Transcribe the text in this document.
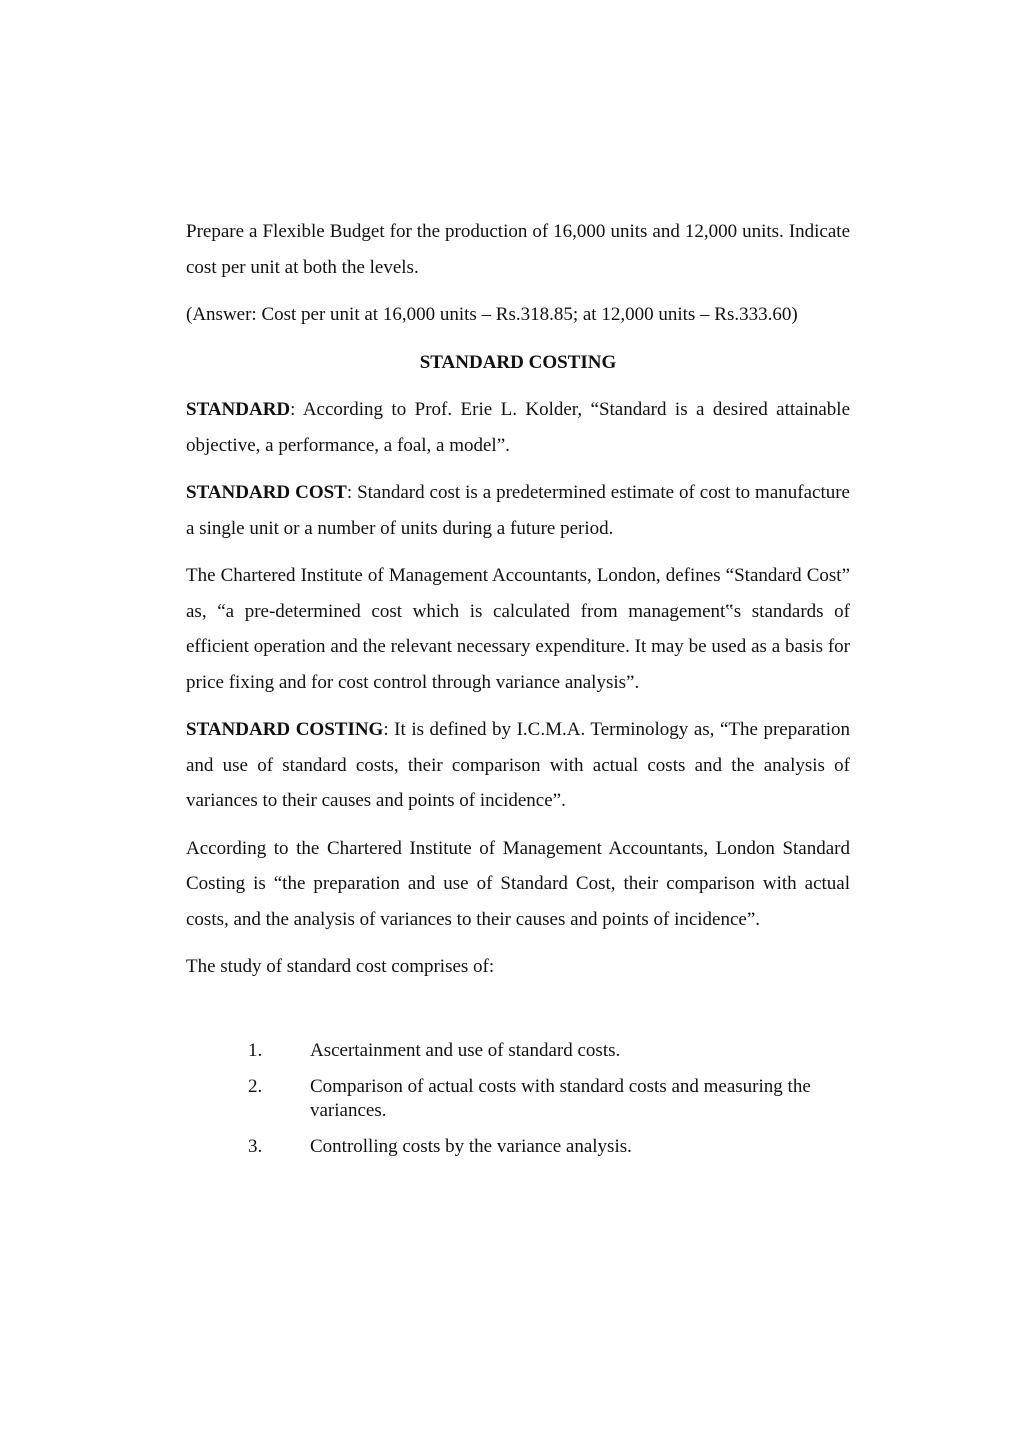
Prepare a Flexible Budget for the production of 16,000 units and 12,000 units. Indicate cost per unit at both the levels.

(Answer: Cost per unit at 16,000 units – Rs.318.85; at 12,000 units – Rs.333.60)

STANDARD COSTING

STANDARD: According to Prof. Erie L. Kolder, “Standard is a desired attainable objective, a performance, a foal, a model”.

STANDARD COST: Standard cost is a predetermined estimate of cost to manufacture a single unit or a number of units during a future period.

The Chartered Institute of Management Accountants, London, defines “Standard Cost” as, “a pre-determined cost which is calculated from management‟s standards of efficient operation and the relevant necessary expenditure. It may be used as a basis for price fixing and for cost control through variance analysis”.

STANDARD COSTING: It is defined by I.C.M.A. Terminology as, “The preparation and use of standard costs, their comparison with actual costs and the analysis of variances to their causes and points of incidence”.

According to the Chartered Institute of Management Accountants, London Standard Costing is “the preparation and use of Standard Cost, their comparison with actual costs, and the analysis of variances to their causes and points of incidence”.

The study of standard cost comprises of:

1.	Ascertainment and use of standard costs.
2.	Comparison of actual costs with standard costs and measuring the variances.
3.	Controlling costs by the variance analysis.
